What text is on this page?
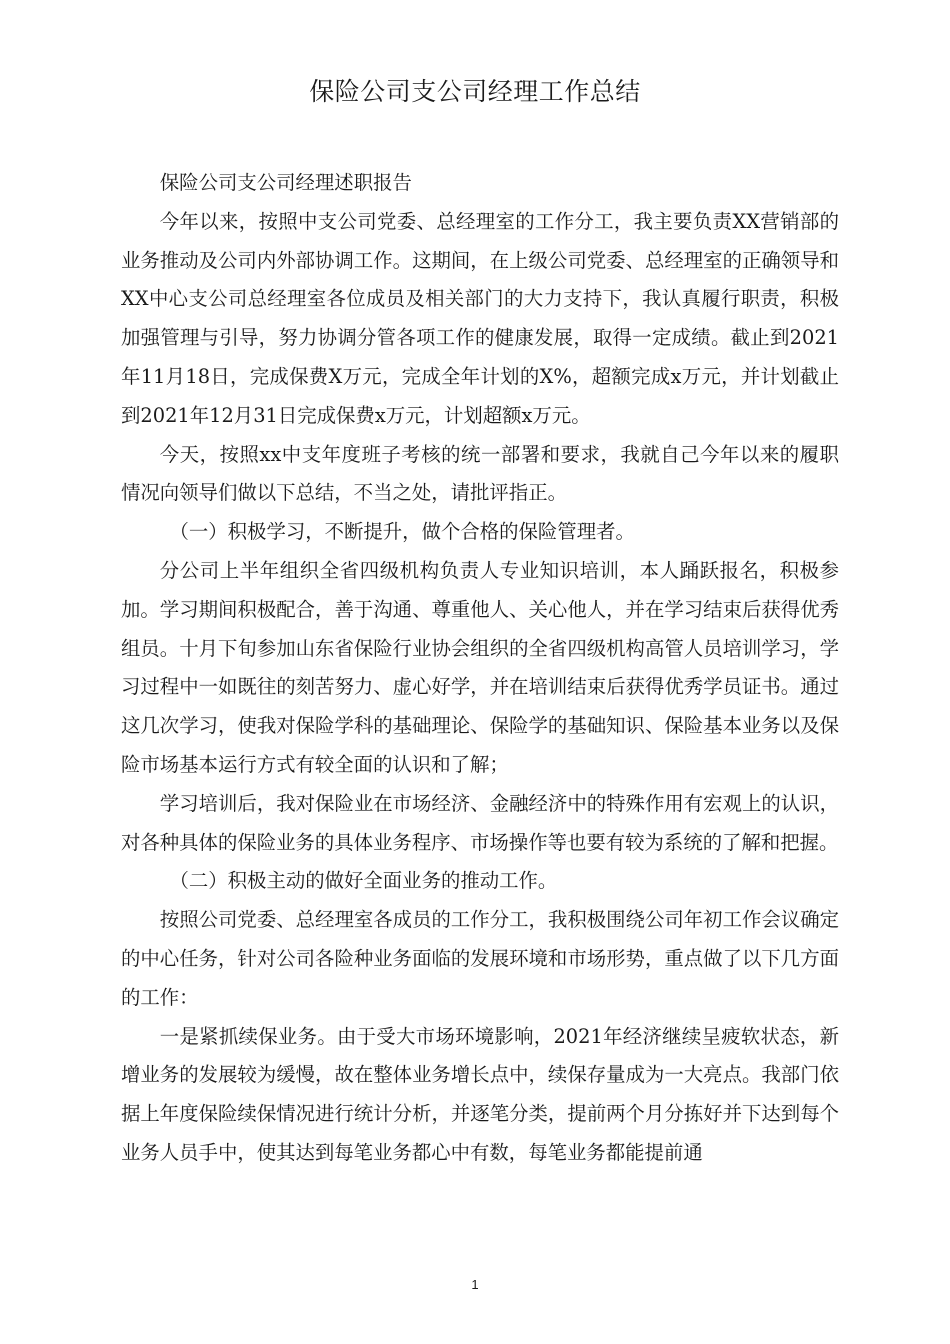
保险公司支公司经理工作总结

保险公司支公司经理述职报告

今年以来，按照中支公司党委、总经理室的工作分工，我主要负责XX营销部的业务推动及公司内外部协调工作。这期间，在上级公司党委、总经理室的正确领导和XX中心支公司总经理室各位成员及相关部门的大力支持下，我认真履行职责，积极加强管理与引导，努力协调分管各项工作的健康发展，取得一定成绩。截止到2021年11月18日，完成保费X万元，完成全年计划的X%，超额完成x万元，并计划截止到2021年12月31日完成保费x万元，计划超额x万元。

今天，按照xx中支年度班子考核的统一部署和要求，我就自己今年以来的履职情况向领导们做以下总结，不当之处，请批评指正。

（一）积极学习，不断提升，做个合格的保险管理者。

分公司上半年组织全省四级机构负责人专业知识培训，本人踊跃报名，积极参加。学习期间积极配合，善于沟通、尊重他人、关心他人，并在学习结束后获得优秀组员。十月下旬参加山东省保险行业协会组织的全省四级机构高管人员培训学习，学习过程中一如既往的刻苦努力、虚心好学，并在培训结束后获得优秀学员证书。通过这几次学习，使我对保险学科的基础理论、保险学的基础知识、保险基本业务以及保险市场基本运行方式有较全面的认识和了解；

学习培训后，我对保险业在市场经济、金融经济中的特殊作用有宏观上的认识，对各种具体的保险业务的具体业务程序、市场操作等也要有较为系统的了解和把握。

（二）积极主动的做好全面业务的推动工作。

按照公司党委、总经理室各成员的工作分工，我积极围绕公司年初工作会议确定的中心任务，针对公司各险种业务面临的发展环境和市场形势，重点做了以下几方面的工作：

一是紧抓续保业务。由于受大市场环境影响，2021年经济继续呈疲软状态，新增业务的发展较为缓慢，故在整体业务增长点中，续保存量成为一大亮点。我部门依据上年度保险续保情况进行统计分析，并逐笔分类，提前两个月分拣好并下达到每个业务人员手中，使其达到每笔业务都心中有数，每笔业务都能提前通

1
